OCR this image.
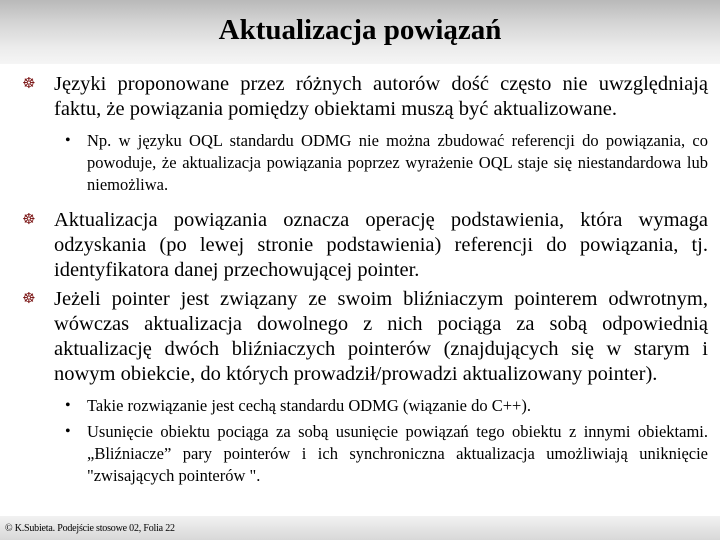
Aktualizacja powiązań
☸ Języki proponowane przez różnych autorów dość często nie uwzględniają faktu, że powiązania pomiędzy obiektami muszą być aktualizowane.
• Np. w języku OQL standardu ODMG nie można zbudować referencji do powiązania, co powoduje, że aktualizacja powiązania poprzez wyrażenie OQL staje się niestandardowa lub niemożliwa.
☸ Aktualizacja powiązania oznacza operację podstawienia, która wymaga odzyskania (po lewej stronie podstawienia) referencji do powiązania, tj. identyfikatora danej przechowującej pointer.
☸ Jeżeli pointer jest związany ze swoim bliźniaczym pointerem odwrotnym, wówczas aktualizacja dowolnego z nich pociąga za sobą odpowiednią aktualizację dwóch bliźniaczych pointerów (znajdujących się w starym i nowym obiekcie, do których prowadził/prowadzi aktualizowany pointer).
• Takie rozwiązanie jest cechą standardu ODMG (wiązanie do C++).
• Usunięcie obiektu pociąga za sobą usunięcie powiązań tego obiektu z innymi obiektami. „Bliźniacze” pary pointerów i ich synchroniczna aktualizacja umożliwiają uniknięcie "zwisających pointerów ".
© K.Subieta. Podejście stosowe 02, Folia 22
